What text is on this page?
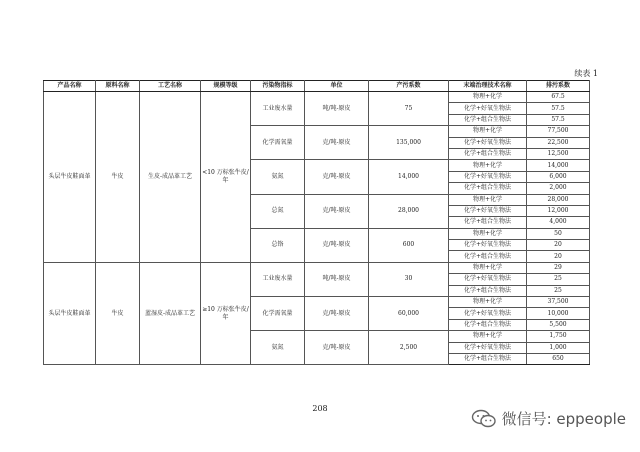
续表 1
产品名称	原料名称	工艺名称	规模等级	污染物指标	单位	产污系数	末端治理技术名称	排污系数
头层牛皮鞋面革	牛皮	生皮-成品革工艺	<10 万标张牛皮/年	工业废水量	吨/吨-原皮	75	物理+化学	67.5
							化学+好氧生物法	57.5
							化学+组合生物法	57.5
				化学需氧量	克/吨-原皮	135,000	物理+化学	77,500
							化学+好氧生物法	22,500
							化学+组合生物法	12,500
				氨氮	克/吨-原皮	14,000	物理+化学	14,000
							化学+好氧生物法	6,000
							化学+组合生物法	2,000
				总氮	克/吨-原皮	28,000	物理+化学	28,000
							化学+好氧生物法	12,000
							化学+组合生物法	4,000
				总铬	克/吨-原皮	600	物理+化学	50
							化学+好氧生物法	20
							化学+组合生物法	20
头层牛皮鞋面革	牛皮	蓝湿皮-成品革工艺	≥10 万标张牛皮/年	工业废水量	吨/吨-原皮	30	物理+化学	29
							化学+好氧生物法	25
							化学+组合生物法	25
				化学需氧量	克/吨-原皮	60,000	物理+化学	37,500
							化学+好氧生物法	10,000
							化学+组合生物法	5,500
				氨氮	克/吨-原皮	2,500	物理+化学	1,750
							化学+好氧生物法	1,000
							化学+组合生物法	650
208
微信号: eppeople
